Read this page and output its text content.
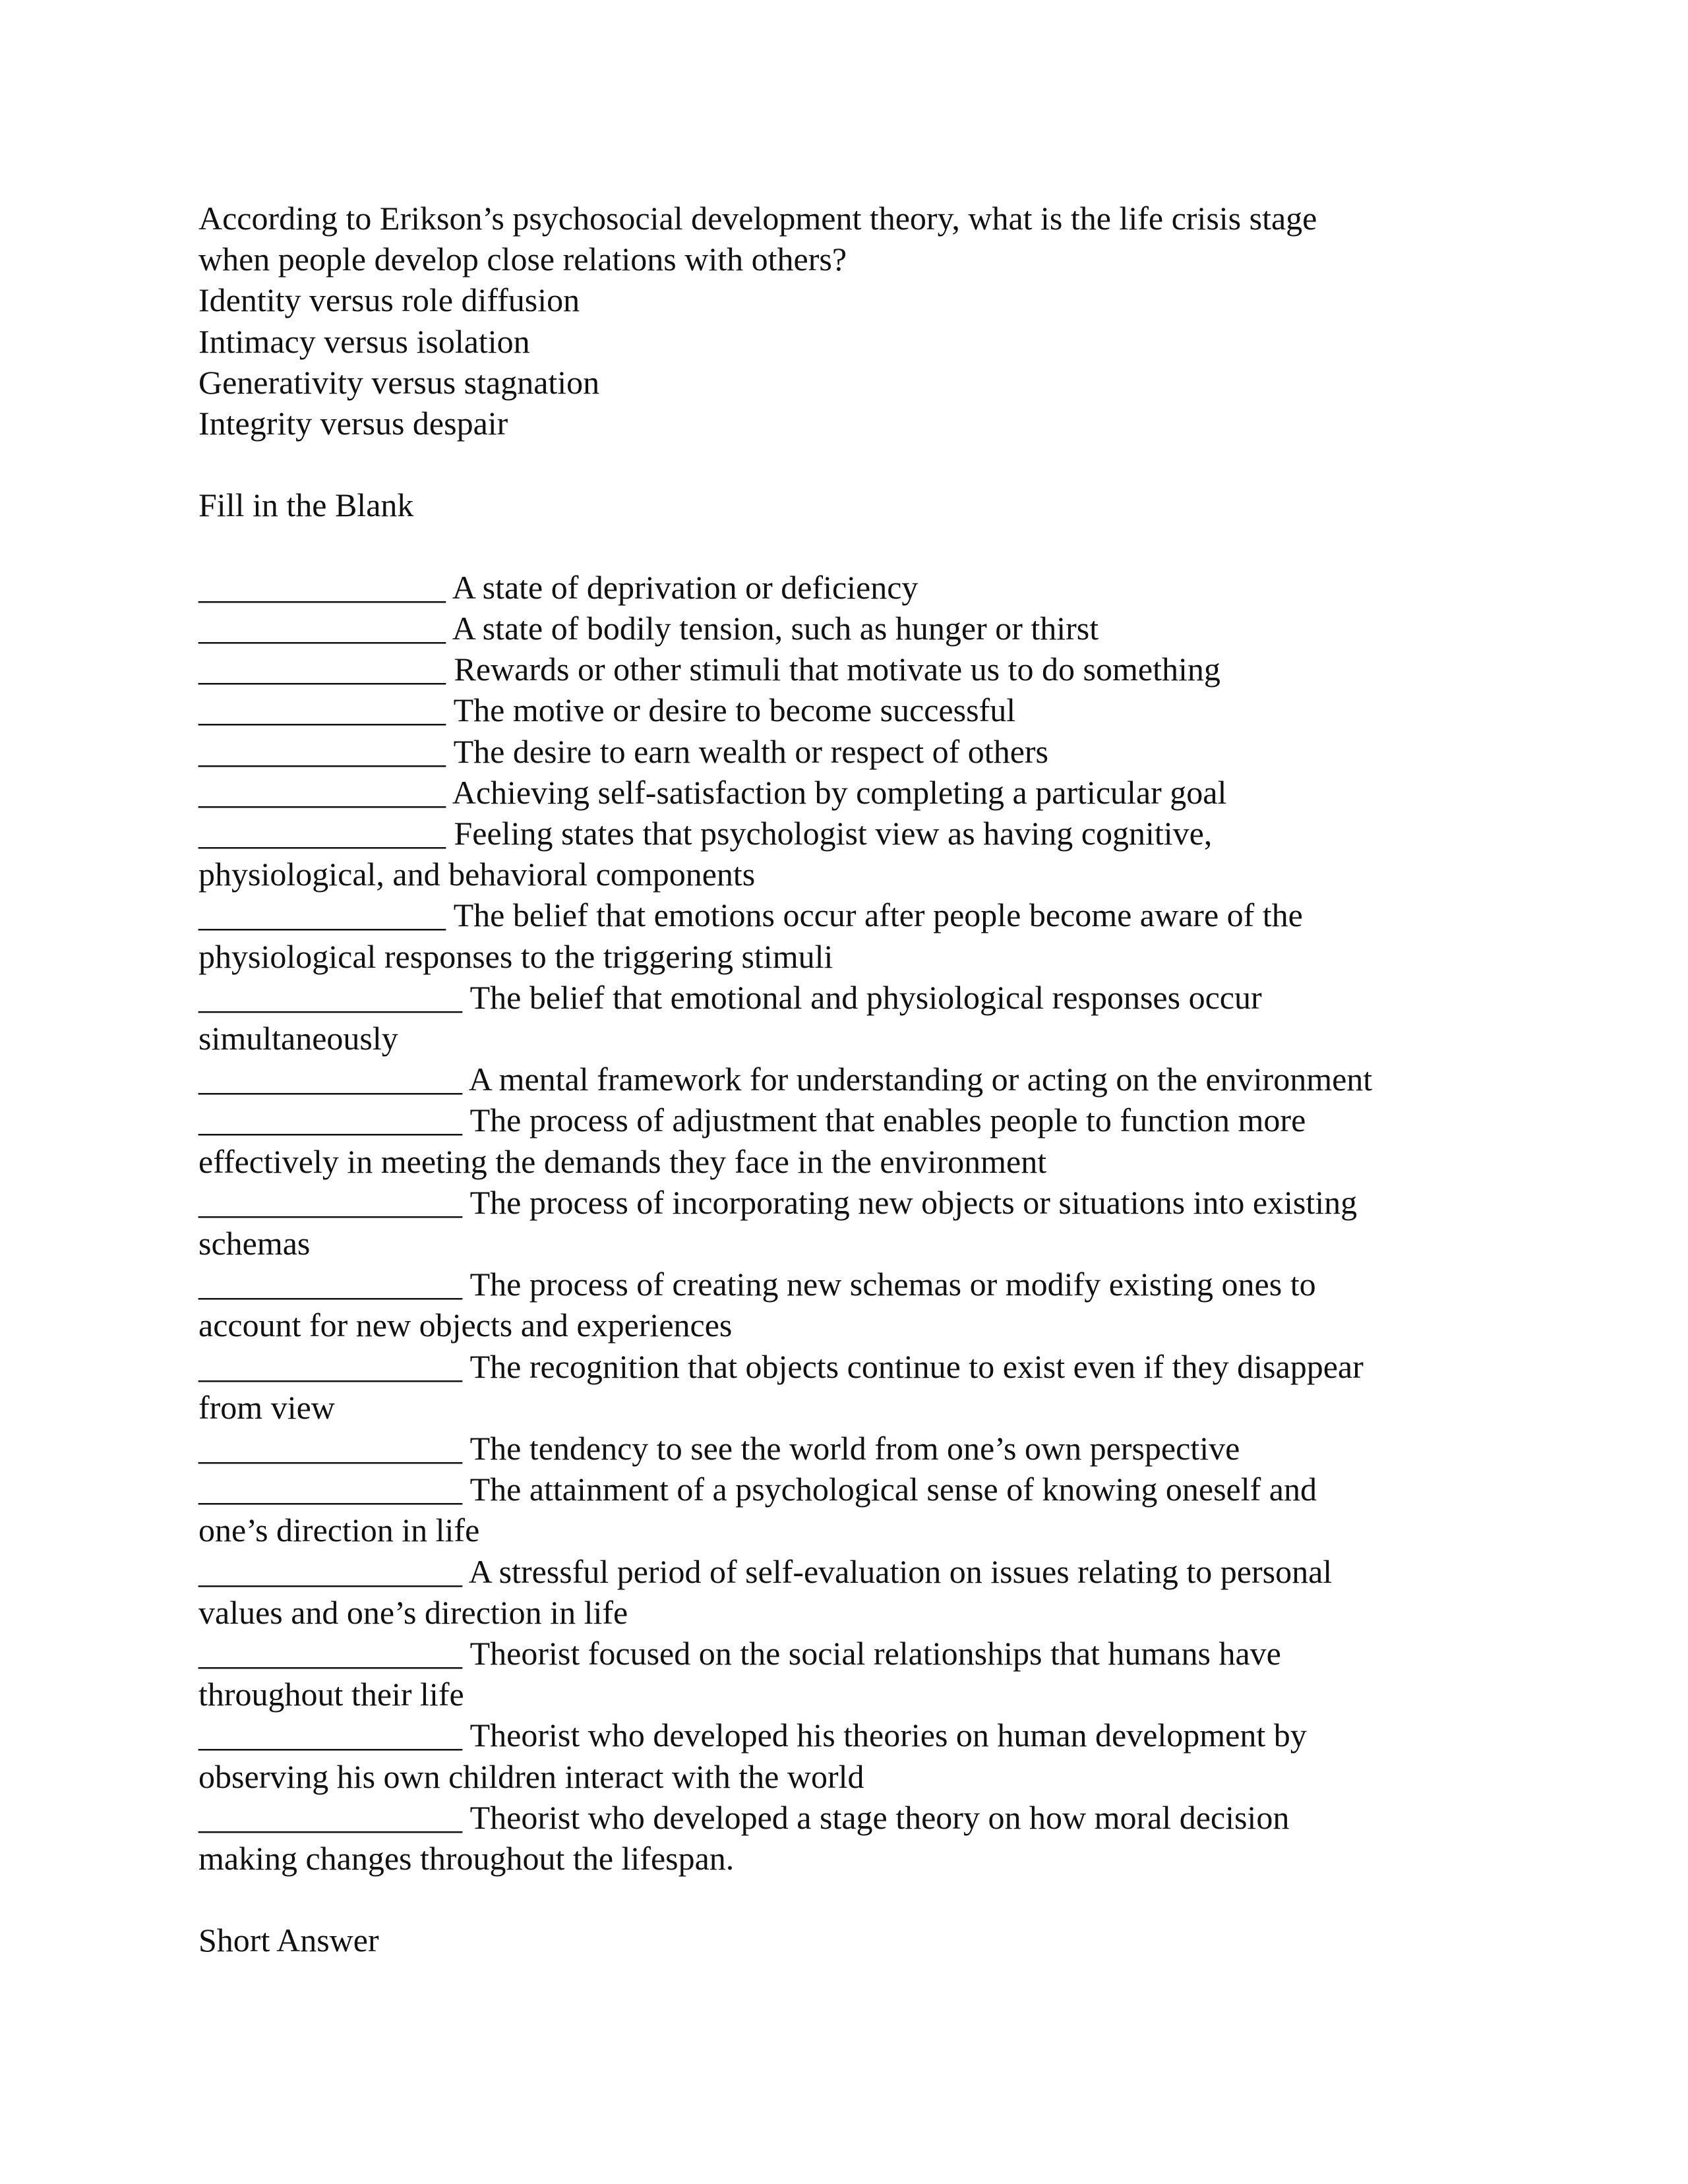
According to Erikson’s psychosocial development theory, what is the life crisis stage

when people develop close relations with others?

Identity versus role diffusion

Intimacy versus isolation

Generativity versus stagnation

Integrity versus despair

Fill in the Blank

_______________ A state of deprivation or deficiency

_______________ A state of bodily tension, such as hunger or thirst

_______________ Rewards or other stimuli that motivate us to do something

_______________ The motive or desire to become successful

_______________ The desire to earn wealth or respect of others

_______________ Achieving self-satisfaction by completing a particular goal

_______________ Feeling states that psychologist view as having cognitive,

physiological, and behavioral components

_______________ The belief that emotions occur after people become aware of the

physiological responses to the triggering stimuli

________________ The belief that emotional and physiological responses occur

simultaneously

________________ A mental framework for understanding or acting on the environment

________________ The process of adjustment that enables people to function more

effectively in meeting the demands they face in the environment

________________ The process of incorporating new objects or situations into existing

schemas

________________ The process of creating new schemas or modify existing ones to

account for new objects and experiences

________________ The recognition that objects continue to exist even if they disappear

from view

________________ The tendency to see the world from one’s own perspective

________________ The attainment of a psychological sense of knowing oneself and

one’s direction in life

________________ A stressful period of self-evaluation on issues relating to personal

values and one’s direction in life

________________ Theorist focused on the social relationships that humans have

throughout their life

________________ Theorist who developed his theories on human development by

observing his own children interact with the world

________________ Theorist who developed a stage theory on how moral decision

making changes throughout the lifespan.

Short Answer
